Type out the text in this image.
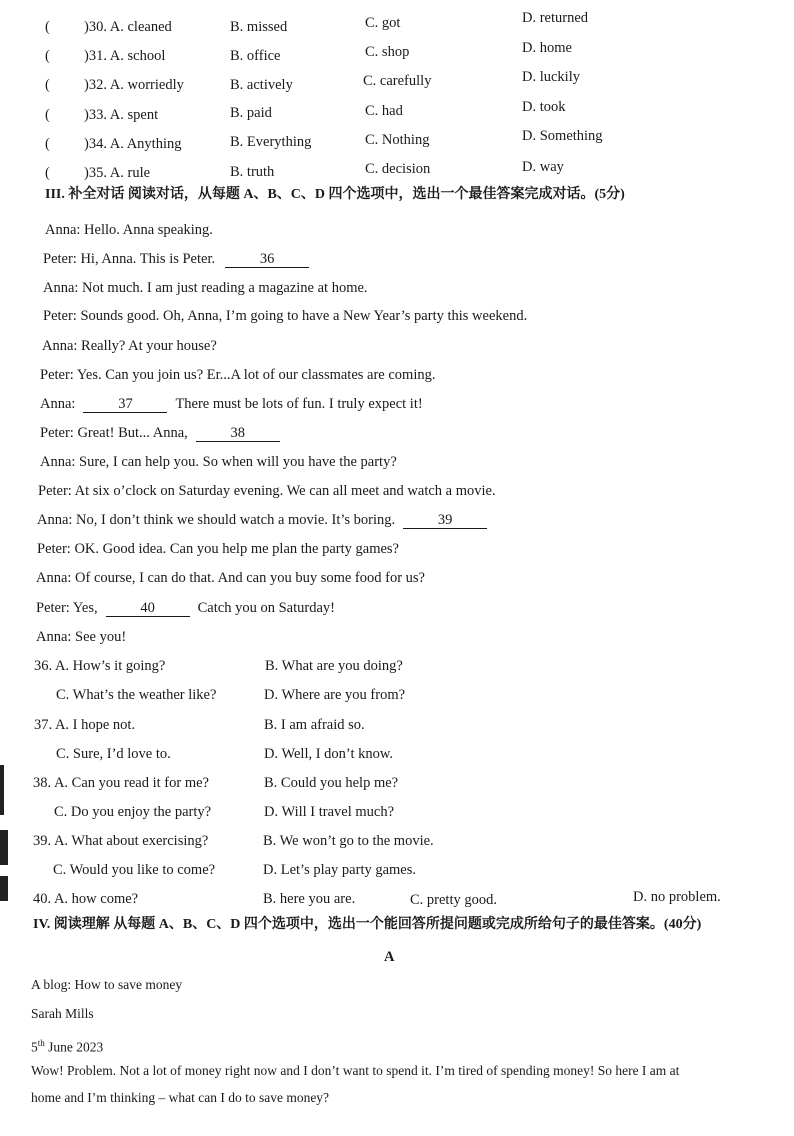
( )30. A. cleaned	B. missed	C. got	D. returned
( )31. A. school	B. office	C. shop	D. home
( )32. A. worriedly	B. actively	C. carefully	D. luckily
( )33. A. spent	B. paid	C. had	D. took
( )34. A. Anything	B. Everything	C. Nothing	D. Something
( )35. A. rule	B. truth	C. decision	D. way
III. 补全对话 阅读对话，从每题 A、B、C、D 四个选项中，选出一个最佳答案完成对话。(5分)
Anna: Hello. Anna speaking.
Peter: Hi, Anna. This is Peter.	36
Anna: Not much. I am just reading a magazine at home.
Peter: Sounds good. Oh, Anna, I’m going to have a New Year’s party this weekend.
Anna: Really? At your house?
Peter: Yes. Can you join us? Er...A lot of our classmates are coming.
Anna:	37	There must be lots of fun. I truly expect it!
Peter: Great! But... Anna,	38
Anna: Sure, I can help you. So when will you have the party?
Peter: At six o’clock on Saturday evening. We can all meet and watch a movie.
Anna: No, I don’t think we should watch a movie. It’s boring.	39
Peter: OK. Good idea. Can you help me plan the party games?
Anna: Of course, I can do that. And can you buy some food for us?
Peter: Yes,	40	Catch you on Saturday!
Anna: See you!
36. A. How’s it going?	B. What are you doing?
C. What’s the weather like?	D. Where are you from?
37. A. I hope not.	B. I am afraid so.
C. Sure, I’d love to.	D. Well, I don’t know.
38. A. Can you read it for me?	B. Could you help me?
C. Do you enjoy the party?	D. Will I travel much?
39. A. What about exercising?	B. We won’t go to the movie.
C. Would you like to come?	D. Let’s play party games.
40. A. how come?	B. here you are.	C. pretty good.	D. no problem.
IV. 阅读理解 从每题 A、B、C、D 四个选项中，选出一个能回答所提问题或完成所给句子的最佳答案。(40分)
A
A blog: How to save money
Sarah Mills
5th June 2023
Wow! Problem. Not a lot of money right now and I don’t want to spend it. I’m tired of spending money! So here I am at
home and I’m thinking – what can I do to save money?
